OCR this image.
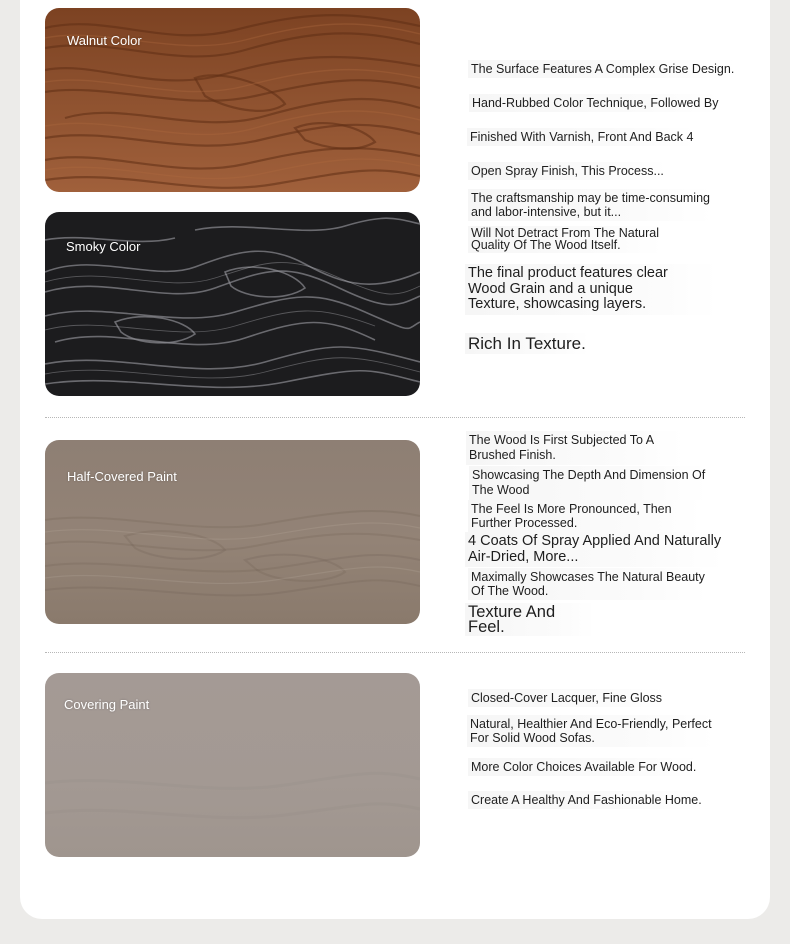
Walnut Color
The Surface Features A Complex Grise Design.
Hand-Rubbed Color Technique, Followed By
Finished With Varnish, Front And Back 4
Open Spray Finish, This Process...
Smoky Color
The craftsmanship may be time-consuming
and labor-intensive, but it...
Will Not Detract From The Natural
Quality Of The Wood Itself.
The final product features clear
Wood Grain and a unique
Texture, showcasing layers.
Rich In Texture.
Half-Covered Paint
The Wood Is First Subjected To A
Brushed Finish.
Showcasing The Depth And Dimension Of
The Wood
The Feel Is More Pronounced, Then
Further Processed.
4 Coats Of Spray Applied And Naturally
Air-Dried, More...
Maximally Showcases The Natural Beauty
Of The Wood.
Texture And
Feel.
Covering Paint	Closed-Cover Lacquer, Fine Gloss
Natural, Healthier And Eco-Friendly, Perfect
For Solid Wood Sofas.
More Color Choices Available For Wood.
Create A Healthy And Fashionable Home.
